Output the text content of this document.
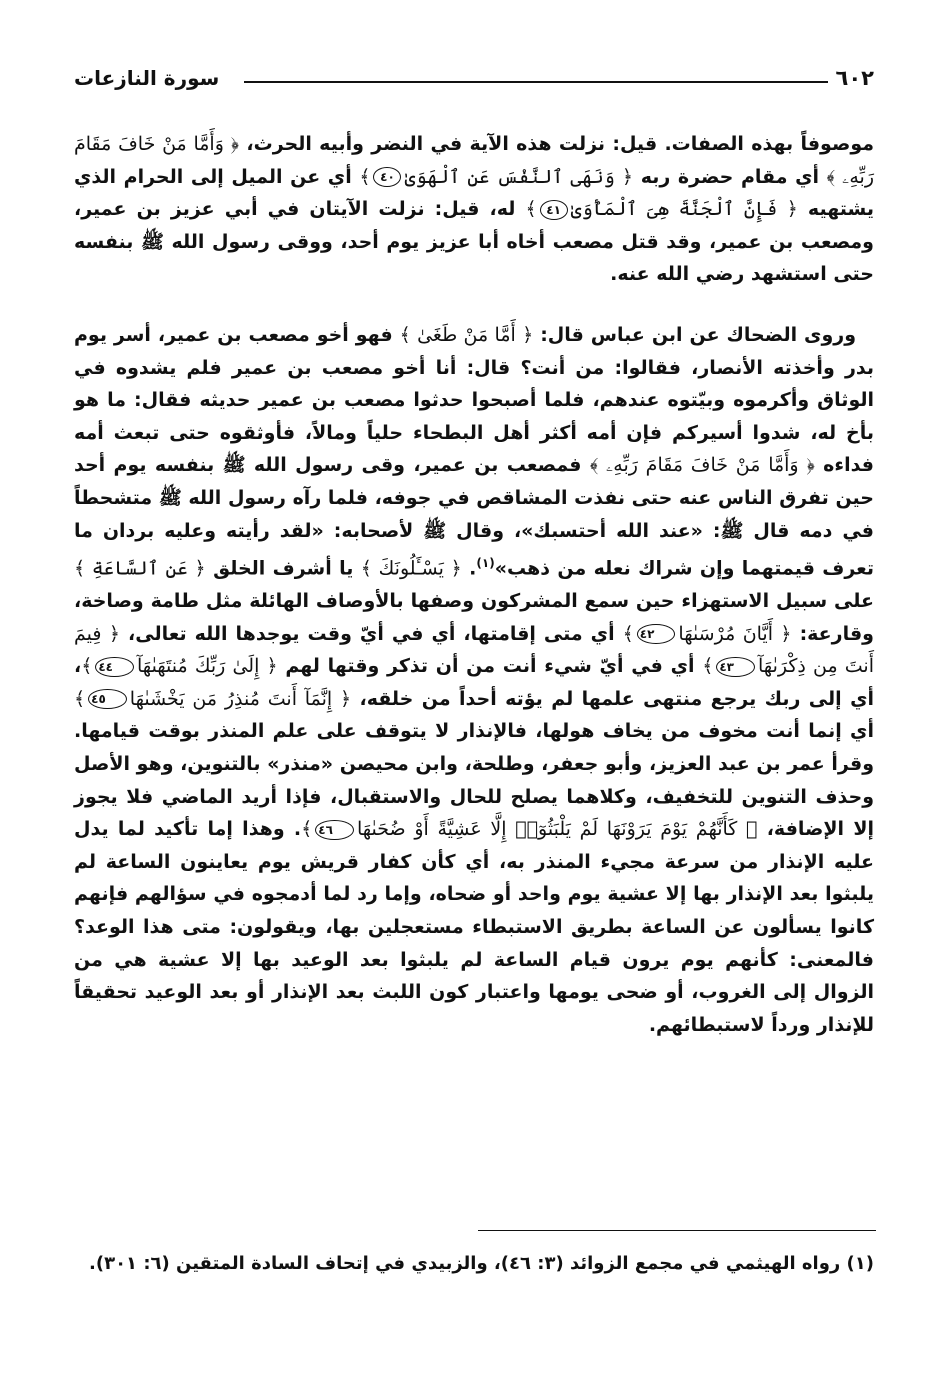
٦٠٢
سورة النازعات

موصوفاً بهذه الصفات. قيل: نزلت هذه الآية في النضر وأبيه الحرث، ﴿ وَأَمَّا مَنْ خَافَ مَقَامَ رَبِّهِۦ ﴾ أي مقام حضرة ربه ﴿ وَنَهَى ٱلنَّفْسَ عَنِ ٱلْهَوَىٰ٤٠﴾ أي عن الميل إلى الحرام الذي يشتهيه ﴿ فَإِنَّ ٱلْجَنَّةَ هِىَ ٱلْمَأْوَىٰ٤١﴾ له، قيل: نزلت الآيتان في أبي عزيز بن عمير، ومصعب بن عمير، وقد قتل مصعب أخاه أبا عزيز يوم أحد، ووقى رسول الله ﷺ بنفسه حتى استشهد رضي الله عنه.

وروى الضحاك عن ابن عباس قال: ﴿ أَمَّا مَنْ طَغَىٰ ﴾ فهو أخو مصعب بن عمير، أسر يوم بدر وأخذته الأنصار، فقالوا: من أنت؟ قال: أنا أخو مصعب بن عمير فلم يشدوه في الوثاق وأكرموه وبيّتوه عندهم، فلما أصبحوا حدثوا مصعب بن عمير حديثه فقال: ما هو بأخ له، شدوا أسيركم فإن أمه أكثر أهل البطحاء حلياً ومالاً، فأوثقوه حتى تبعث أمه فداءه ﴿ وَأَمَّا مَنْ خَافَ مَقَامَ رَبِّهِۦ ﴾ فمصعب بن عمير، وقى رسول الله ﷺ بنفسه يوم أحد حين تفرق الناس عنه حتى نفذت المشاقص في جوفه، فلما رآه رسول الله ﷺ متشحطاً في دمه قال ﷺ: «عند الله أحتسبك»، وقال ﷺ لأصحابه: «لقد رأيته وعليه بردان ما تعرف قيمتهما وإن شراك نعله من ذهب»$^{(١)}$. ﴿ يَسْـَٔلُونَكَ ﴾ يا أشرف الخلق ﴿ عَنِ ٱلسَّاعَةِ ﴾ على سبيل الاستهزاء حين سمع المشركون وصفها بالأوصاف الهائلة مثل طامة وصاخة، وقارعة: ﴿ أَيَّانَ مُرْسَىٰهَا٤٢﴾ أي متى إقامتها، أي في أيّ وقت يوجدها الله تعالى، ﴿ فِيمَ أَنتَ مِن ذِكْرَىٰهَآ٤٣﴾ أي في أيّ شيء أنت من أن تذكر وقتها لهم ﴿ إِلَىٰ رَبِّكَ مُنتَهَىٰهَآ٤٤﴾، أي إلى ربك يرجع منتهى علمها لم يؤته أحداً من خلقه، ﴿ إِنَّمَآ أَنتَ مُنذِرُ مَن يَخْشَىٰهَا٤٥﴾ أي إنما أنت مخوف من يخاف هولها، فالإنذار لا يتوقف على علم المنذر بوقت قيامها. وقرأ عمر بن عبد العزيز، وأبو جعفر، وطلحة، وابن محيصن «منذر» بالتنوين، وهو الأصل وحذف التنوين للتخفيف، وكلاهما يصلح للحال والاستقبال، فإذا أريد الماضي فلا يجوز إلا الإضافة، ﴿ كَأَنَّهُمْ يَوْمَ يَرَوْنَهَا لَمْ يَلْبَثُوٓا۟ إِلَّا عَشِيَّةً أَوْ ضُحَىٰهَا٤٦﴾. وهذا إما تأكيد لما يدل عليه الإنذار من سرعة مجيء المنذر به، أي كأن كفار قريش يوم يعاينون الساعة لم يلبثوا بعد الإنذار بها إلا عشية يوم واحد أو ضحاه، وإما رد لما أدمجوه في سؤالهم فإنهم كانوا يسألون عن الساعة بطريق الاستبطاء مستعجلين بها، ويقولون: متى هذا الوعد؟ فالمعنى: كأنهم يوم يرون قيام الساعة لم يلبثوا بعد الوعيد بها إلا عشية هي من الزوال إلى الغروب، أو ضحى يومها واعتبار كون اللبث بعد الإنذار أو بعد الوعيد تحقيقاً للإنذار ورداً لاستبطائهم.

(١) رواه الهيثمي في مجمع الزوائد (٣: ٤٦)، والزبيدي في إتحاف السادة المتقين (٦: ٣٠١).
